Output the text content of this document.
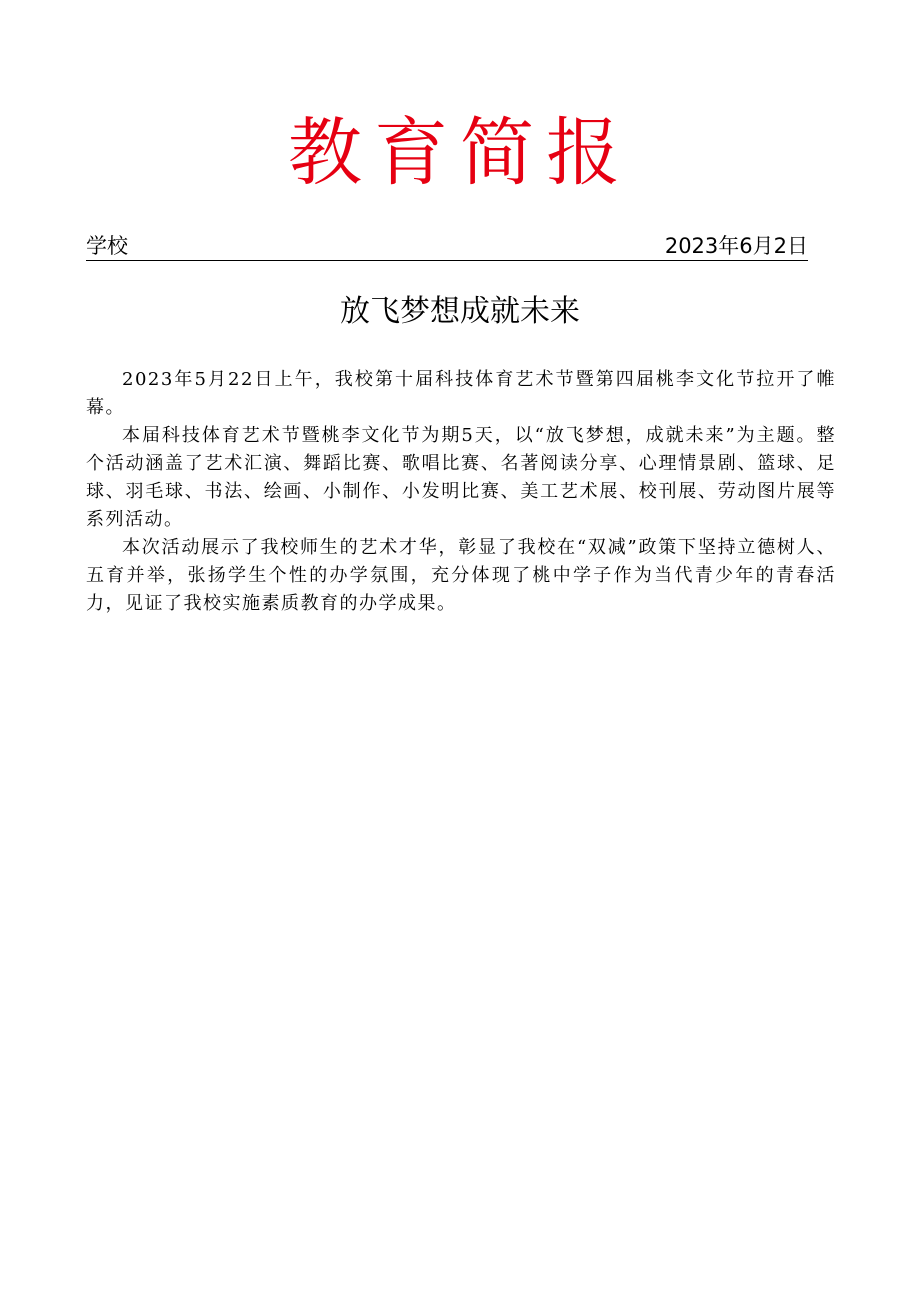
教育简报
学校	2023年6月2日
放飞梦想成就未来

2023年5月22日上午，我校第十届科技体育艺术节暨第四届桃李文化节拉开了帷幕。

本届科技体育艺术节暨桃李文化节为期5天，以“放飞梦想，成就未来”为主题。整个活动涵盖了艺术汇演、舞蹈比赛、歌唱比赛、名著阅读分享、心理情景剧、篮球、足球、羽毛球、书法、绘画、小制作、小发明比赛、美工艺术展、校刊展、劳动图片展等系列活动。

本次活动展示了我校师生的艺术才华，彰显了我校在“双减”政策下坚持立德树人、五育并举，张扬学生个性的办学氛围，充分体现了桃中学子作为当代青少年的青春活力，见证了我校实施素质教育的办学成果。
